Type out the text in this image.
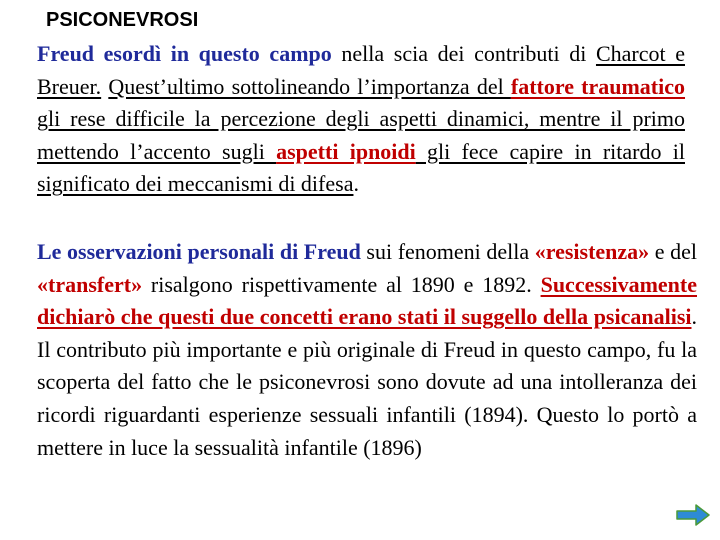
PSICONEVROSI

Freud esordì in questo campo nella scia dei contributi di Charcot e Breuer. Quest’ultimo sottolineando l’importanza del fattore traumatico gli rese difficile la percezione degli aspetti dinamici, mentre il primo mettendo l’accento sugli aspetti ipnoidi gli fece capire in ritardo il significato dei meccanismi di difesa.

Le osservazioni personali di Freud sui fenomeni della «resistenza» e del «transfert» risalgono rispettivamente al 1890 e 1892. Successivamente dichiarò che questi due concetti erano stati il suggello della psicanalisi. Il contributo più importante e più originale di Freud in questo campo, fu la scoperta del fatto che le psiconevrosi sono dovute ad una intolleranza dei ricordi riguardanti esperienze sessuali infantili (1894). Questo lo portò a mettere in luce la sessualità infantile (1896)
